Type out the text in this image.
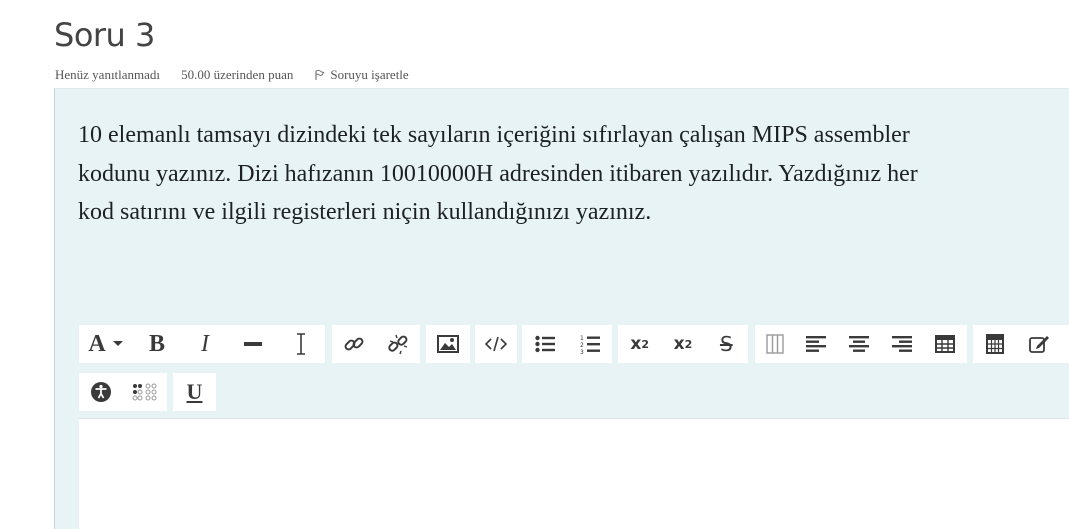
Soru 3
Henüz yanıtlanmadı 50.00 üzerinden puan	Soruyu işaretle
10 elemanlı tamsayı dizindeki tek sayıların içeriğini sıfırlayan çalışan MIPS assembler
kodunu yazınız. Dizi hafızanın 10010000H adresinden itibaren yazılıdır. Yazdığınız her
kod satırını ve ilgili registerleri niçin kullandığınızı yazınız.
A	B	I	1
2
3	x 2 x 2	S
U
